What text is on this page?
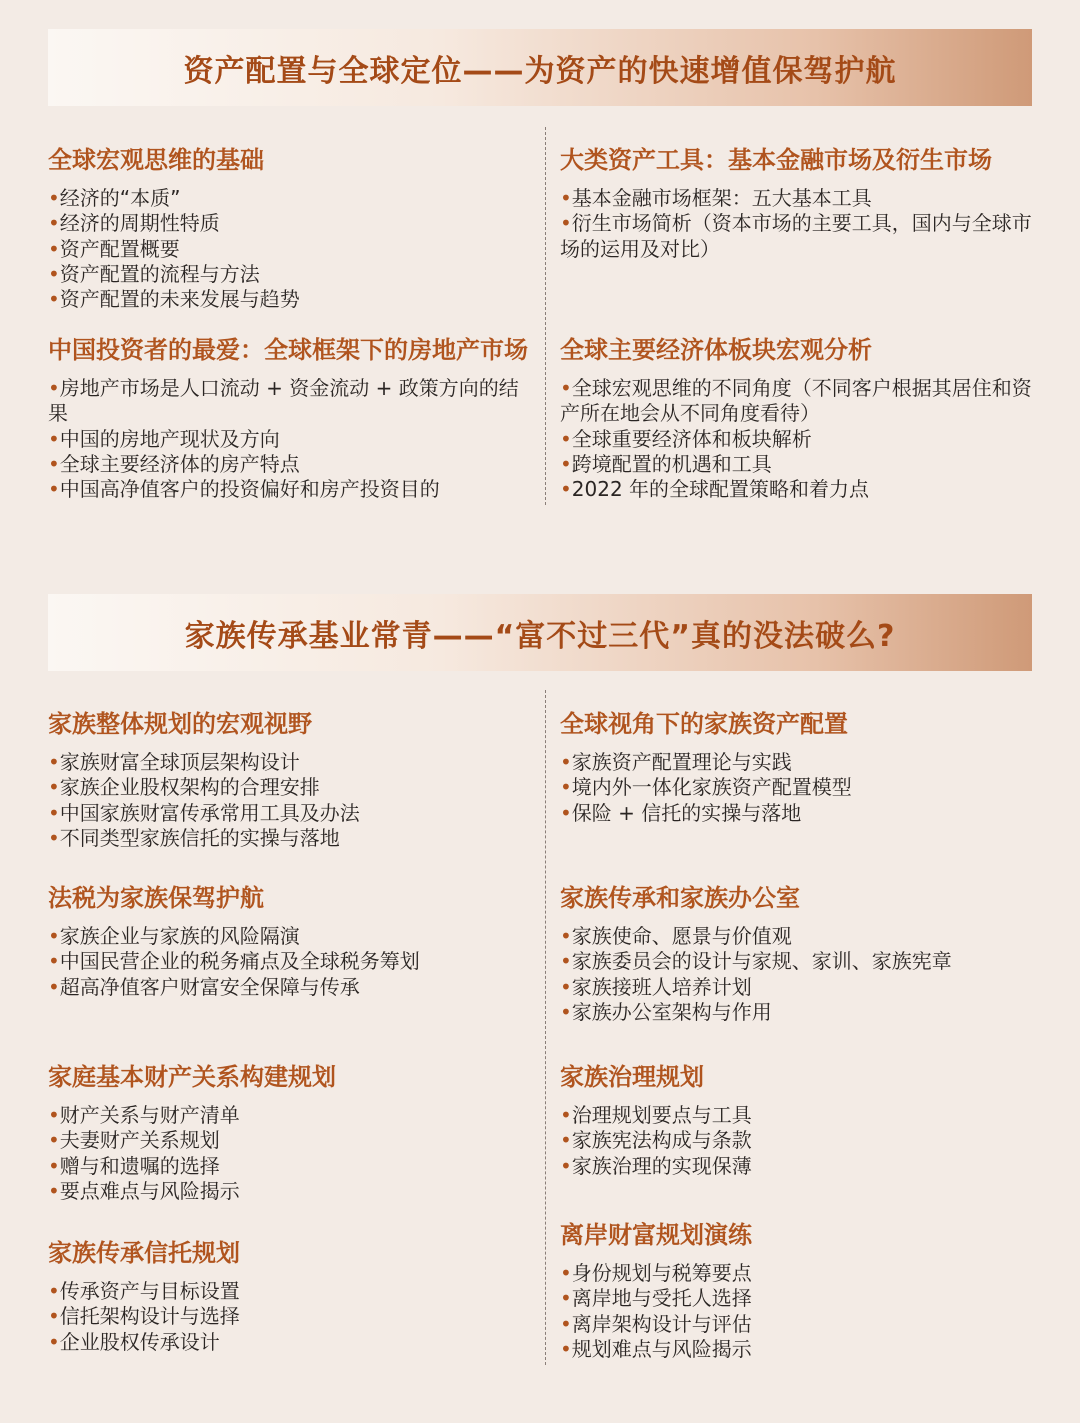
资产配置与全球定位——为资产的快速增值保驾护航
全球宏观思维的基础
• 经济的“本质”
• 经济的周期性特质
• 资产配置概要
• 资产配置的流程与方法
• 资产配置的未来发展与趋势
大类资产工具：基本金融市场及衍生市场
• 基本金融市场框架：五大基本工具
• 衍生市场简析（资本市场的主要工具，国内与全球市场的运用及对比）
中国投资者的最爱：全球框架下的房地产市场
• 房地产市场是人口流动 + 资金流动 + 政策方向的结果
• 中国的房地产现状及方向
• 全球主要经济体的房产特点
• 中国高净值客户的投资偏好和房产投资目的
全球主要经济体板块宏观分析
• 全球宏观思维的不同角度（不同客户根据其居住和资产所在地会从不同角度看待）
• 全球重要经济体和板块解析
• 跨境配置的机遇和工具
• 2022 年的全球配置策略和着力点
家族传承基业常青——“富不过三代”真的没法破么?
家族整体规划的宏观视野
• 家族财富全球顶层架构设计
• 家族企业股权架构的合理安排
• 中国家族财富传承常用工具及办法
• 不同类型家族信托的实操与落地
全球视角下的家族资产配置
• 家族资产配置理论与实践
• 境内外一体化家族资产配置模型
• 保险 + 信托的实操与落地
法税为家族保驾护航
• 家族企业与家族的风险隔演
• 中国民营企业的税务痛点及全球税务筹划
• 超高净值客户财富安全保障与传承
家族传承和家族办公室
• 家族使命、愿景与价值观
• 家族委员会的设计与家规、家训、家族宪章
• 家族接班人培养计划
• 家族办公室架构与作用
家庭基本财产关系构建规划
• 财产关系与财产清单
• 夫妻财产关系规划
• 赠与和遗嘱的选择
• 要点难点与风险揭示
家族治理规划
• 治理规划要点与工具
• 家族宪法构成与条款
• 家族治理的实现保薄
家族传承信托规划
• 传承资产与目标设置
• 信托架构设计与选择
• 企业股权传承设计
离岸财富规划演练
• 身份规划与税筹要点
• 离岸地与受托人选择
• 离岸架构设计与评估
• 规划难点与风险揭示
